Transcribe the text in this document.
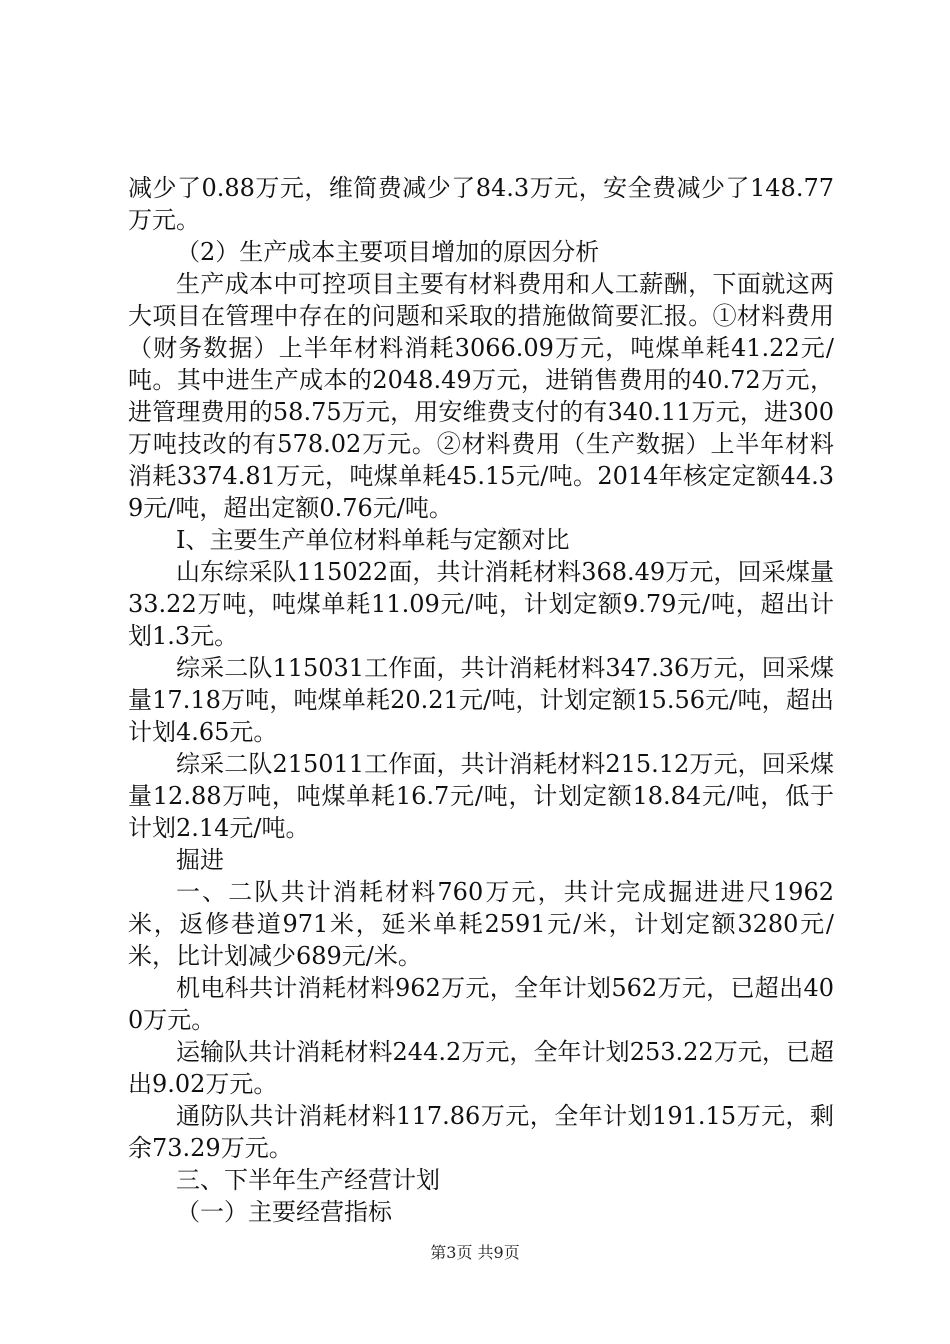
减少了0.88万元，维简费减少了84.3万元，安全费减少了148.77万元。

（2）生产成本主要项目增加的原因分析

生产成本中可控项目主要有材料费用和人工薪酬，下面就这两大项目在管理中存在的问题和采取的措施做简要汇报。①材料费用（财务数据）上半年材料消耗3066.09万元，吨煤单耗41.22元/吨。其中进生产成本的2048.49万元，进销售费用的40.72万元，进管理费用的58.75万元，用安维费支付的有340.11万元，进300万吨技改的有578.02万元。②材料费用（生产数据）上半年材料消耗3374.81万元，吨煤单耗45.15元/吨。2014年核定定额44.39元/吨，超出定额0.76元/吨。

Ⅰ、主要生产单位材料单耗与定额对比

山东综采队115022面，共计消耗材料368.49万元，回采煤量33.22万吨，吨煤单耗11.09元/吨，计划定额9.79元/吨，超出计划1.3元。

综采二队115031工作面，共计消耗材料347.36万元，回采煤量17.18万吨，吨煤单耗20.21元/吨，计划定额15.56元/吨，超出计划4.65元。

综采二队215011工作面，共计消耗材料215.12万元，回采煤量12.88万吨，吨煤单耗16.7元/吨，计划定额18.84元/吨，低于计划2.14元/吨。

掘进

一、二队共计消耗材料760万元，共计完成掘进进尺1962米，返修巷道971米，延米单耗2591元/米，计划定额3280元/米，比计划减少689元/米。

机电科共计消耗材料962万元，全年计划562万元，已超出400万元。

运输队共计消耗材料244.2万元，全年计划253.22万元，已超出9.02万元。

通防队共计消耗材料117.86万元，全年计划191.15万元，剩余73.29万元。

三、下半年生产经营计划

（一）主要经营指标

第3页 共9页
